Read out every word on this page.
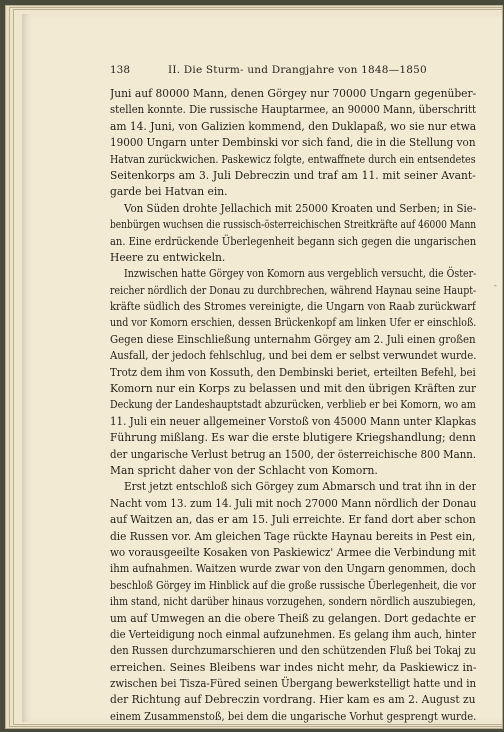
138	II. Die Sturm- und Drangjahre von 1848—1850
Juni auf 80000 Mann, denen Görgey nur 70000 Ungarn gegenüber-
stellen konnte. Die russische Hauptarmee, an 90000 Mann, überschritt
am 14. Juni, von Galizien kommend, den Duklapaß, wo sie nur etwa
19000 Ungarn unter Dembinski vor sich fand, die in die Stellung von
Hatvan zurückwichen. Paskewicz folgte, entwaffnete durch ein entsendetes
Seitenkorps am 3. Juli Debreczin und traf am 11. mit seiner Avant-
garde bei Hatvan ein.
Von Süden drohte Jellachich mit 25000 Kroaten und Serben; in Sie-
benbürgen wuchsen die russisch-österreichischen Streitkräfte auf 46000 Mann
an. Eine erdrückende Überlegenheit begann sich gegen die ungarischen
Heere zu entwickeln.
Inzwischen hatte Görgey von Komorn aus vergeblich versucht, die Öster-
reicher nördlich der Donau zu durchbrechen, während Haynau seine Haupt-
kräfte südlich des Stromes vereinigte, die Ungarn von Raab zurückwarf
und vor Komorn erschien, dessen Brückenkopf am linken Ufer er einschloß.
Gegen diese Einschließung unternahm Görgey am 2. Juli einen großen
Ausfall, der jedoch fehlschlug, und bei dem er selbst verwundet wurde.
Trotz dem ihm von Kossuth, den Dembinski beriet, erteilten Befehl, bei
Komorn nur ein Korps zu belassen und mit den übrigen Kräften zur
Deckung der Landeshauptstadt abzurücken, verblieb er bei Komorn, wo am
11. Juli ein neuer allgemeiner Vorstoß von 45000 Mann unter Klapkas
Führung mißlang. Es war die erste blutigere Kriegshandlung; denn
der ungarische Verlust betrug an 1500, der österreichische 800 Mann.
Man spricht daher von der Schlacht von Komorn.
Erst jetzt entschloß sich Görgey zum Abmarsch und trat ihn in der
Nacht vom 13. zum 14. Juli mit noch 27000 Mann nördlich der Donau
auf Waitzen an, das er am 15. Juli erreichte. Er fand dort aber schon
die Russen vor. Am gleichen Tage rückte Haynau bereits in Pest ein,
wo vorausgeeilte Kosaken von Paskiewicz' Armee die Verbindung mit
ihm aufnahmen. Waitzen wurde zwar von den Ungarn genommen, doch
beschloß Görgey im Hinblick auf die große russische Überlegenheit, die vor
ihm stand, nicht darüber hinaus vorzugehen, sondern nördlich auszubiegen,
um auf Umwegen an die obere Theiß zu gelangen. Dort gedachte er
die Verteidigung noch einmal aufzunehmen. Es gelang ihm auch, hinter
den Russen durchzumarschieren und den schützenden Fluß bei Tokaj zu
erreichen. Seines Bleibens war indes nicht mehr, da Paskiewicz in-
zwischen bei Tisza-Füred seinen Übergang bewerkstelligt hatte und in
der Richtung auf Debreczin vordrang. Hier kam es am 2. August zu
einem Zusammenstoß, bei dem die ungarische Vorhut gesprengt wurde.
-
